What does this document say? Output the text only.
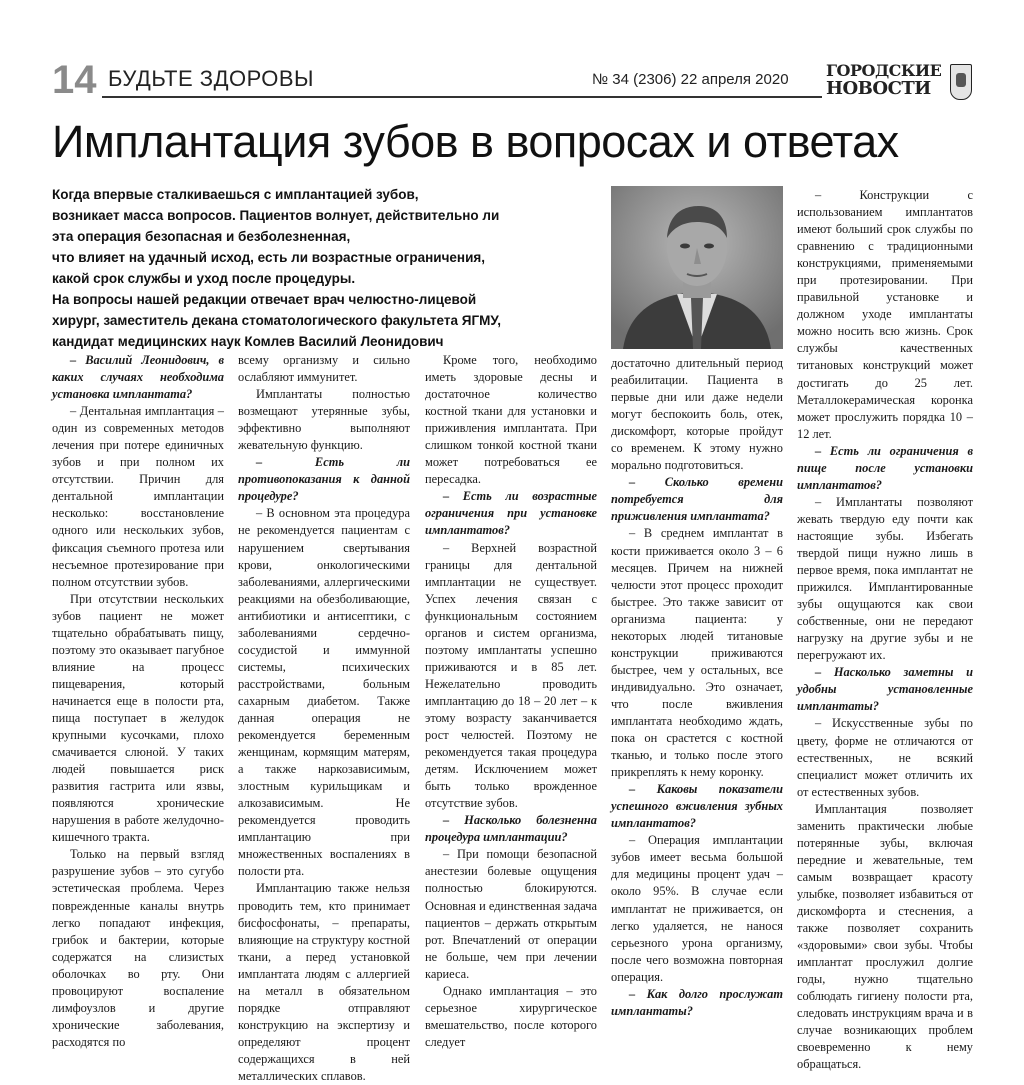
14 БУДЬТЕ ЗДОРОВЫ	№ 34 (2306) 22 апреля 2020 ГОРОДСКИЕ
НОВОСТИ
Имплантация зубов в вопросах и ответах
Когда впервые сталкиваешься с имплантацией зубов,
возникает масса вопросов. Пациентов волнует, действительно ли
эта операция безопасная и безболезненная,
что влияет на удачный исход, есть ли возрастные ограничения,
какой срок службы и уход после процедуры.
На вопросы нашей редакции отвечает врач челюстно-лицевой
хирург, заместитель декана стоматологического факультета ЯГМУ,
кандидат медицинских наук Комлев Василий Леонидович

– Василий Леонидович, в каких случаях необходима установка имплантата?

– Дентальная имплантация – один из современных методов лечения при потере единичных зубов и при полном их отсутствии. Причин для дентальной имплантации несколько: восстановление одного или нескольких зубов, фиксация съемного протеза или несъемное протезирование при полном отсутствии зубов.

При отсутствии нескольких зубов пациент не может тщательно обрабатывать пищу, поэтому это оказывает пагубное влияние на процесс пищеварения, который начинается еще в полости рта, пища поступает в желудок крупными кусочками, плохо смачивается слюной. У таких людей повышается риск развития гастрита или язвы, появляются хронические нарушения в работе желудочно-кишечного тракта.

Только на первый взгляд разрушение зубов – это сугубо эстетическая проблема. Через поврежденные каналы внутрь легко попадают инфекция, грибок и бактерии, которые содержатся на слизистых оболочках во рту. Они провоцируют воспаление лимфоузлов и другие хронические заболевания, расходятся по

всему организму и сильно ослабляют иммунитет.

Имплантаты полностью возмещают утерянные зубы, эффективно выполняют жевательную функцию.

– Есть ли противопоказания к данной процедуре?

– В основном эта процедура не рекомендуется пациентам с нарушением свертывания крови, онкологическими заболеваниями, аллергическими реакциями на обезболивающие, антибиотики и антисептики, с заболеваниями сердечно-сосудистой и иммунной системы, психических расстройствами, больным сахарным диабетом. Также данная операция не рекомендуется беременным женщинам, кормящим матерям, а также наркозависимым, злостным курильщикам и алкозависимым. Не рекомендуется проводить имплантацию при множественных воспалениях в полости рта.

Имплантацию также нельзя проводить тем, кто принимает бисфосфонаты, – препараты, влияющие на структуру костной ткани, а перед установкой имплантата людям с аллергией на металл в обязательном порядке отправляют конструкцию на экспертизу и определяют процент содержащихся в ней металлических сплавов.

Кроме того, необходимо иметь здоровые десны и достаточное количество костной ткани для установки и приживления имплантата. При слишком тонкой костной ткани может потребоваться ее пересадка.

– Есть ли возрастные ограничения при установке имплантатов?

– Верхней возрастной границы для дентальной имплантации не существует. Успех лечения связан с функциональным состоянием органов и систем организма, поэтому имплантаты успешно приживаются и в 85 лет. Нежелательно проводить имплантацию до 18 – 20 лет – к этому возрасту заканчивается рост челюстей. Поэтому не рекомендуется такая процедура детям. Исключением может быть только врожденное отсутствие зубов.

– Насколько болезненна процедура имплантации?

– При помощи безопасной анестезии болевые ощущения полностью блокируются. Основная и единственная задача пациентов – держать открытым рот. Впечатлений от операции не больше, чем при лечении кариеса.

Однако имплантация – это серьезное хирургическое вмешательство, после которого следует

достаточно длительный период реабилитации. Пациента в первые дни или даже недели могут беспокоить боль, отек, дискомфорт, которые пройдут со временем. К этому нужно морально подготовиться.

– Сколько времени потребуется для приживления имплантата?

– В среднем имплантат в кости приживается около 3 – 6 месяцев. Причем на нижней челюсти этот процесс проходит быстрее. Это также зависит от организма пациента: у некоторых людей титановые конструкции приживаются быстрее, чем у остальных, все индивидуально. Это означает, что после вживления имплантата необходимо ждать, пока он срастется с костной тканью, и только после этого прикреплять к нему коронку.

– Каковы показатели успешного вживления зубных имплантатов?

– Операция имплантации зубов имеет весьма большой для медицины процент удач – около 95%. В случае если имплантат не приживается, он легко удаляется, не нанося серьезного урона организму, после чего возможна повторная операция.

– Как долго прослужат имплантаты?

– Конструкции с использованием имплантатов имеют больший срок службы по сравнению с традиционными конструкциями, применяемыми при протезировании. При правильной установке и должном уходе имплантаты можно носить всю жизнь. Срок службы качественных титановых конструкций может достигать до 25 лет. Металлокерамическая коронка может прослужить порядка 10 – 12 лет.

– Есть ли ограничения в пище после установки имплантатов?

– Имплантаты позволяют жевать твердую еду почти как настоящие зубы. Избегать твердой пищи нужно лишь в первое время, пока имплантат не прижился. Имплантированные зубы ощущаются как свои собственные, они не передают нагрузку на другие зубы и не перегружают их.

– Насколько заметны и удобны установленные имплантаты?

– Искусственные зубы по цвету, форме не отличаются от естественных, не всякий специалист может отличить их от естественных зубов.

Имплантация позволяет заменить практически любые потерянные зубы, включая передние и жевательные, тем самым возвращает красоту улыбке, позволяет избавиться от дискомфорта и стеснения, а также позволяет сохранить «здоровыми» свои зубы. Чтобы имплантат прослужил долгие годы, нужно тщательно соблюдать гигиену полости рта, следовать инструкциям врача и в случае возникающих проблем своевременно к нему обращаться.
